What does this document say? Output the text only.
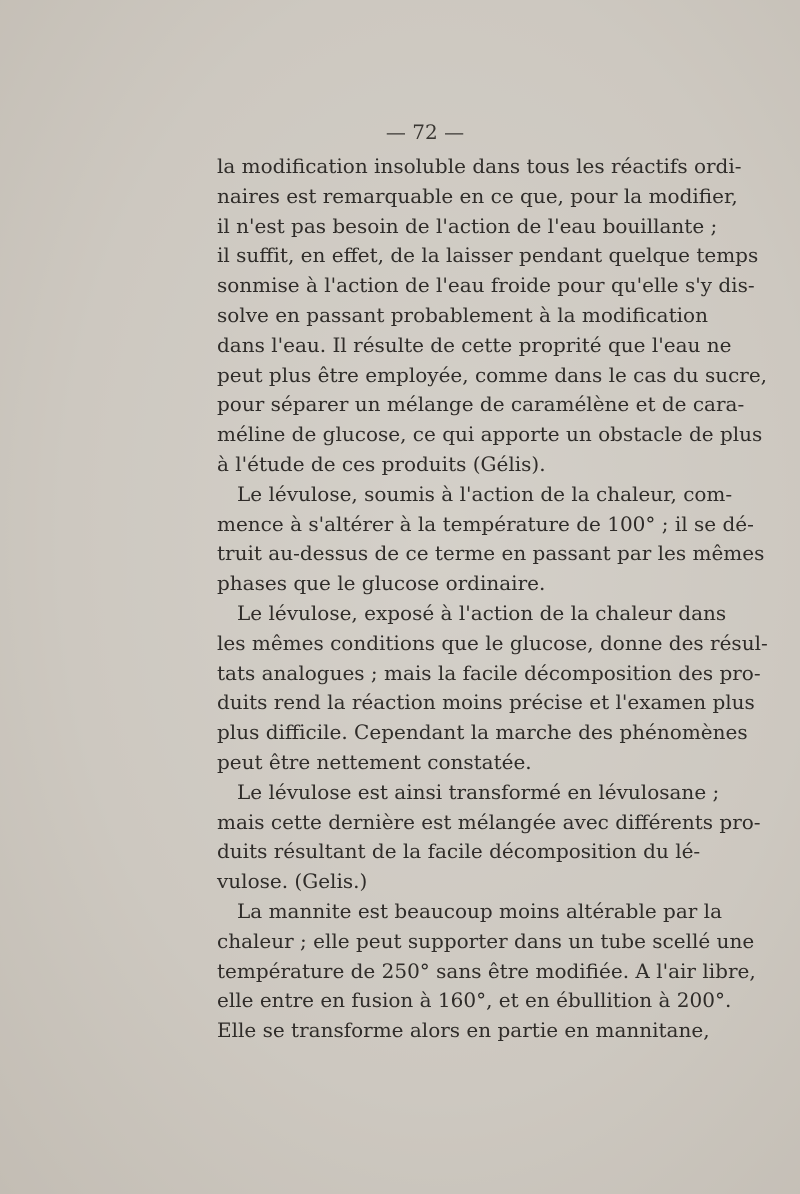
— 72 —
la modification insoluble dans tous les réactifs ordi-
naires est remarquable en ce que, pour la modifier,
il n'est pas besoin de l'action de l'eau bouillante ;
il suffit, en effet, de la laisser pendant quelque temps
sonmise à l'action de l'eau froide pour qu'elle s'y dis-
solve en passant probablement à la modification
dans l'eau. Il résulte de cette proprité que l'eau ne
peut plus être employée, comme dans le cas du sucre,
pour séparer un mélange de caramélène et de cara-
méline de glucose, ce qui apporte un obstacle de plus
à l'étude de ces produits (Gélis).
Le lévulose, soumis à l'action de la chaleur, com-
mence à s'altérer à la température de 100° ; il se dé-
truit au-dessus de ce terme en passant par les mêmes
phases que le glucose ordinaire.
Le lévulose, exposé à l'action de la chaleur dans
les mêmes conditions que le glucose, donne des résul-
tats analogues ; mais la facile décomposition des pro-
duits rend la réaction moins précise et l'examen plus
plus difficile. Cependant la marche des phénomènes
peut être nettement constatée.
Le lévulose est ainsi transformé en lévulosane ;
mais cette dernière est mélangée avec différents pro-
duits résultant de la facile décomposition du lé-
vulose. (Gelis.)
La mannite est beaucoup moins altérable par la
chaleur ; elle peut supporter dans un tube scellé une
température de 250° sans être modifiée. A l'air libre,
elle entre en fusion à 160°, et en ébullition à 200°.
Elle se transforme alors en partie en mannitane,
